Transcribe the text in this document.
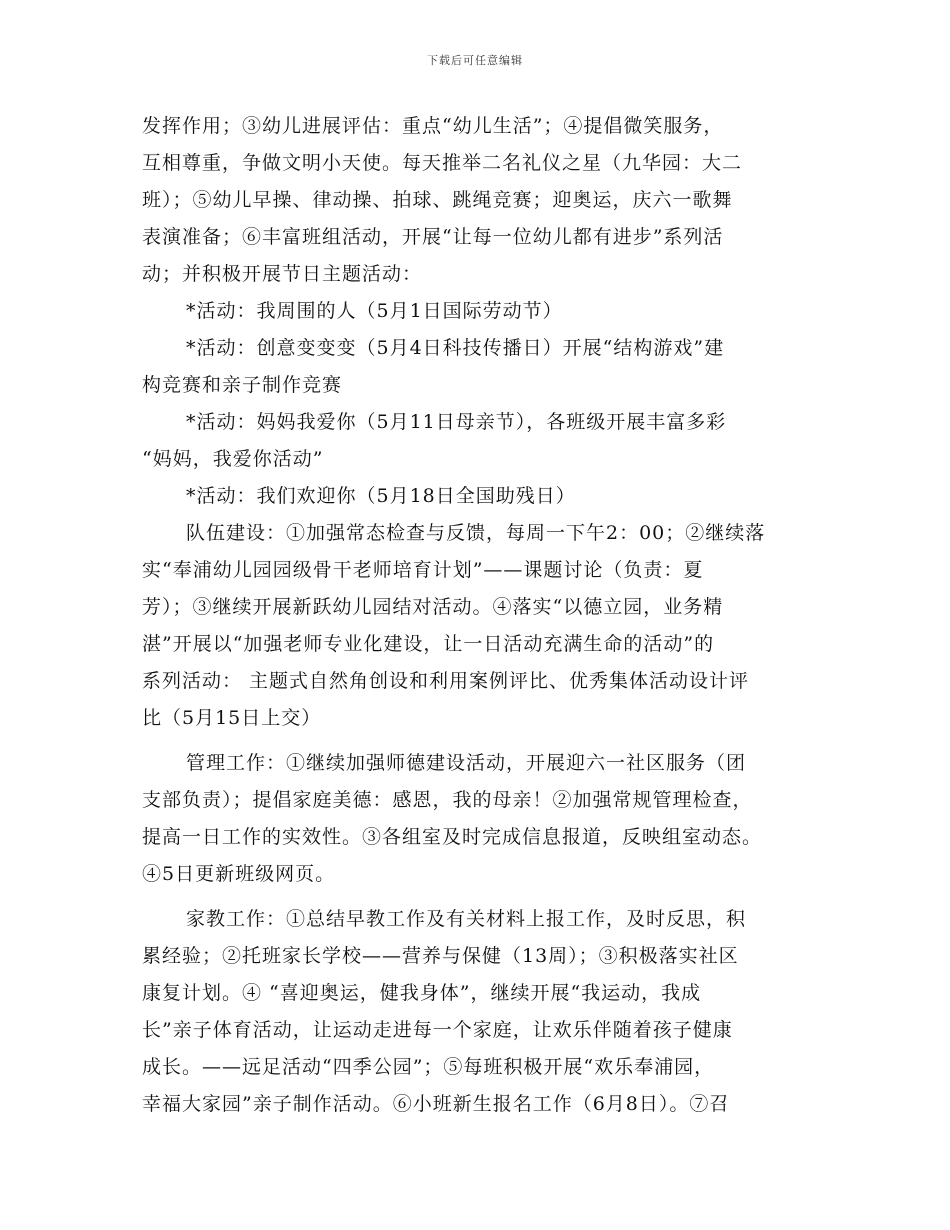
下载后可任意编辑
发挥作用；③幼儿进展评估：重点“幼儿生活”；④提倡微笑服务，
互相尊重，争做文明小天使。每天推举二名礼仪之星（九华园：大二
班）；⑤幼儿早操、律动操、拍球、跳绳竞赛；迎奥运，庆六一歌舞
表演准备；⑥丰富班组活动，开展“让每一位幼儿都有进步”系列活
动；并积极开展节日主题活动：
*活动：我周围的人（5月1日国际劳动节）
*活动：创意变变变（5月4日科技传播日）开展“结构游戏”建
构竞赛和亲子制作竞赛
*活动：妈妈我爱你（5月11日母亲节），各班级开展丰富多彩
“妈妈，我爱你活动”
*活动：我们欢迎你（5月18日全国助残日）
队伍建设：①加强常态检查与反馈，每周一下午2：00；②继续落
实“奉浦幼儿园园级骨干老师培育计划”——课题讨论（负责：夏
芳）；③继续开展新跃幼儿园结对活动。④落实“以德立园，业务精
湛”开展以“加强老师专业化建设，让一日活动充满生命的活动”的
系列活动： 主题式自然角创设和利用案例评比、优秀集体活动设计评
比（5月15日上交）
管理工作：①继续加强师德建设活动，开展迎六一社区服务（团
支部负责）；提倡家庭美德：感恩，我的母亲！②加强常规管理检查，
提高一日工作的实效性。③各组室及时完成信息报道，反映组室动态。
④5日更新班级网页。
家教工作：①总结早教工作及有关材料上报工作，及时反思，积
累经验；②托班家长学校——营养与保健（13周）；③积极落实社区
康复计划。④ “喜迎奥运，健我身体”，继续开展“我运动，我成
长”亲子体育活动，让运动走进每一个家庭，让欢乐伴随着孩子健康
成长。——远足活动“四季公园”；⑤每班积极开展“欢乐奉浦园，
幸福大家园”亲子制作活动。⑥小班新生报名工作（6月8日）。⑦召
